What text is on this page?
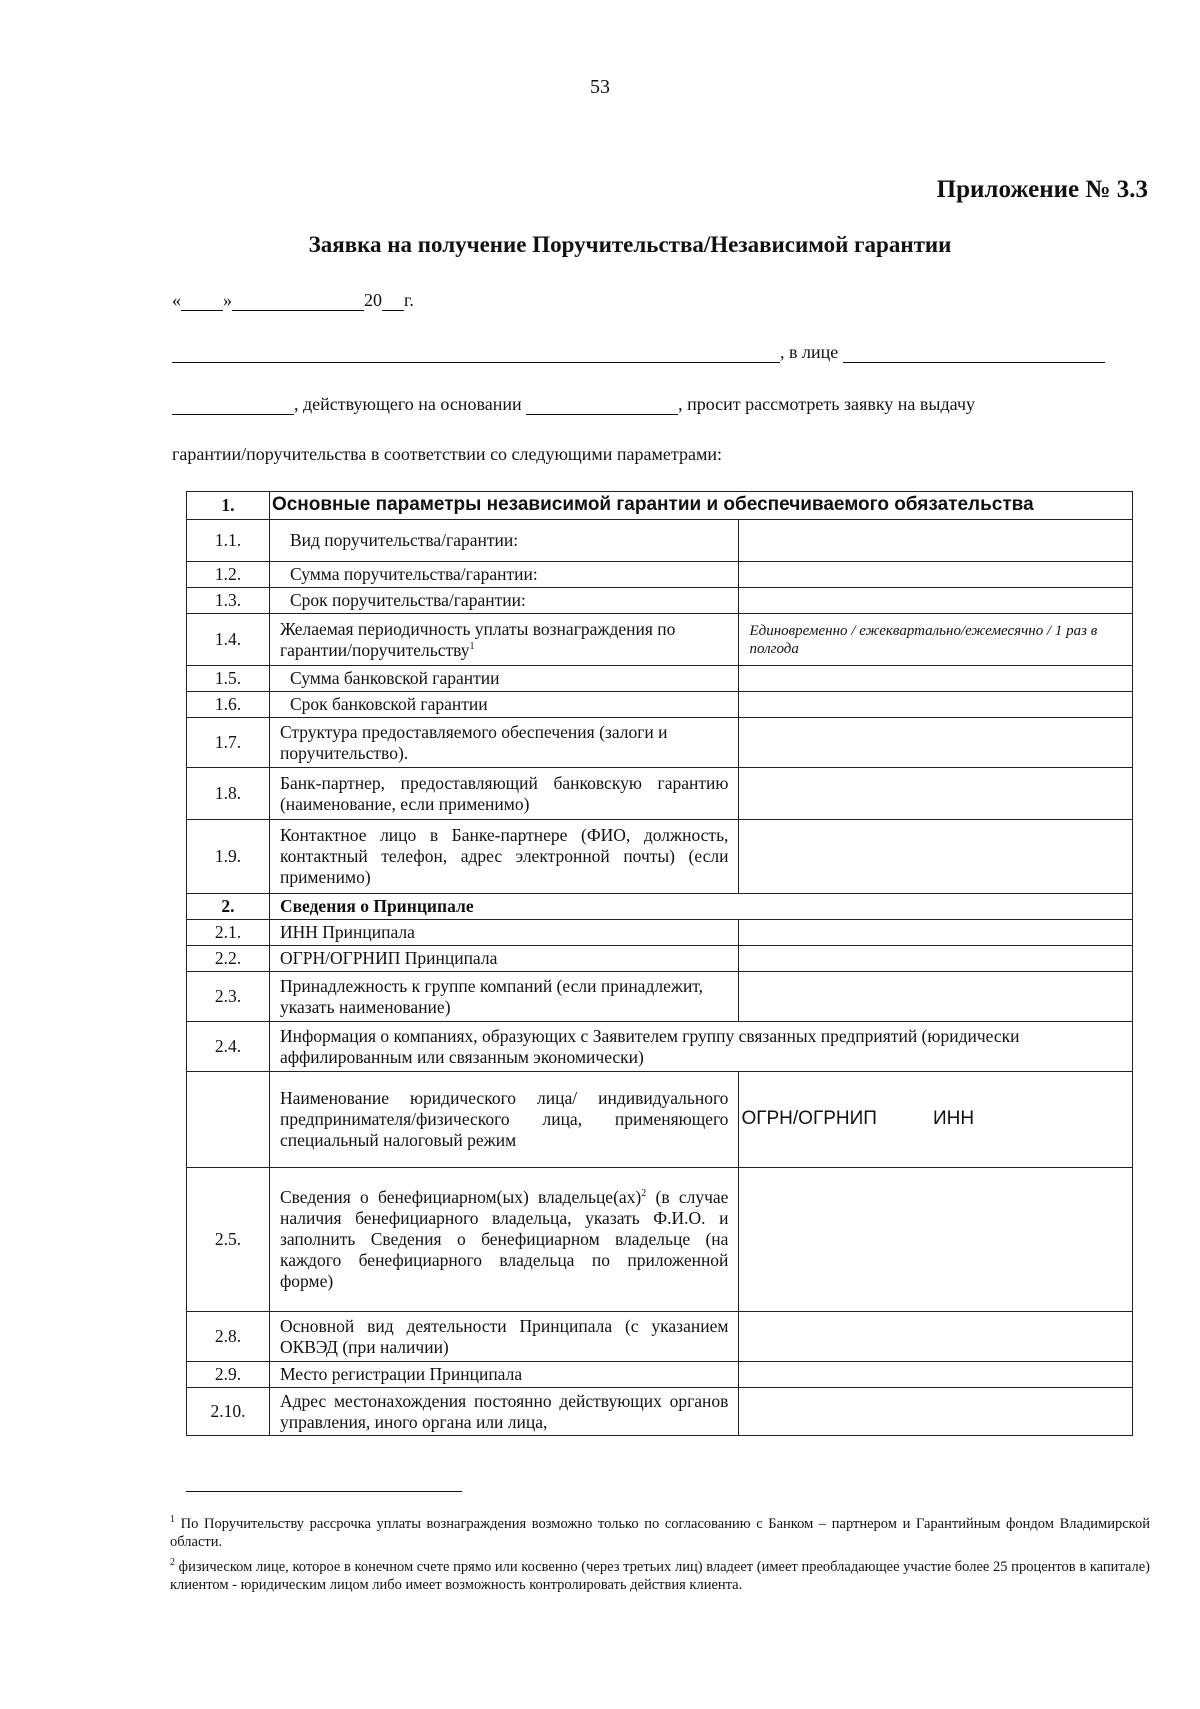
53
Приложение № 3.3
Заявка на получение Поручительства/Независимой гарантии
« »	20 г.
, в лице
, действующего на основании	, просит рассмотреть заявку на выдачу
гарантии/поручительства в соответствии со следующими параметрами:
1.	Основные параметры независимой гарантии и обеспечиваемого обязательства	
1.1.	Вид поручительства/гарантии:	
1.2.	Сумма поручительства/гарантии:	
1.3.	Срок поручительства/гарантии:	
1.4.	Желаемая периодичность уплаты вознаграждения по гарантии/поручительству$^1$	Единовременно / ежеквартально/ежемесячно / 1 раз в полгода
1.5.	Сумма банковской гарантии	
1.6.	Срок банковской гарантии	
1.7.	Структура предоставляемого обеспечения (залоги и поручительство).	
1.8.	Банк-партнер, предоставляющий банковскую гарантию (наименование, если применимо)	
1.9.	Контактное лицо в Банке-партнере (ФИО, должность, контактный телефон, адрес электронной почты) (если применимо)	
2.	Сведения о Принципале	
2.1.	ИНН Принципала	
2.2.	ОГРН/ОГРНИП Принципала	
2.3.	Принадлежность к группе компаний (если принадлежит, указать наименование)	
2.4.	Информация о компаниях, образующих с Заявителем группу связанных предприятий (юридически аффилированным или связанным экономически)	
	Наименование юридического лица/ индивидуального предпринимателя/физического лица, применяющего специальный налоговый режим	ОГРН/ОГРНИП ИНН
2.5.	Сведения о бенефициарном(ых) владельце(ах)$^2$ (в случае наличия бенефициарного владельца, указать Ф.И.О. и заполнить Сведения о бенефициарном владельце (на каждого бенефициарного владельца по приложенной форме)	
2.8.	Основной вид деятельности Принципала (с указанием ОКВЭД (при наличии)	
2.9.	Место регистрации Принципала	
2.10.	Адрес местонахождения постоянно действующих органов управления, иного органа или лица,	
$^1$ По Поручительству рассрочка уплаты вознаграждения возможно только по согласованию с Банком – партнером и Гарантийным фондом Владимирской области.
$^2$ физическом лице, которое в конечном счете прямо или косвенно (через третьих лиц) владеет (имеет преобладающее участие более 25 процентов в капитале) клиентом - юридическим лицом либо имеет возможность контролировать действия клиента.
